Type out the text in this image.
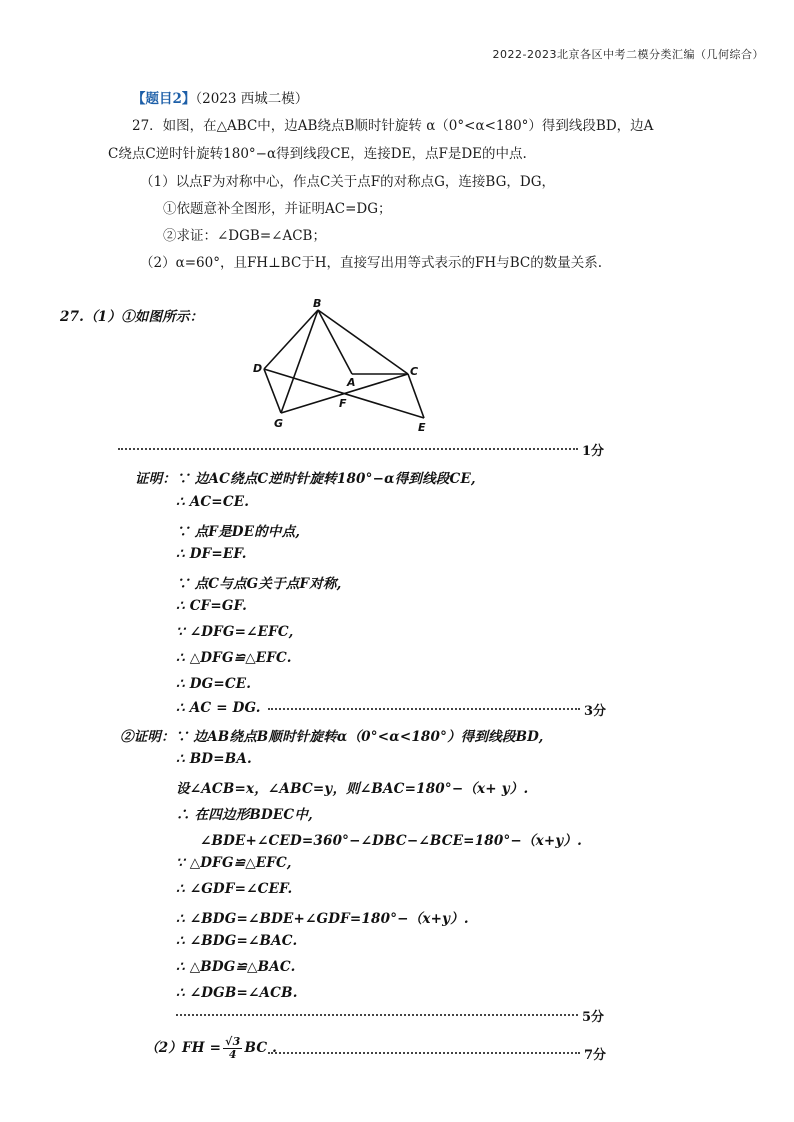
2022-2023北京各区中考二模分类汇编（几何综合）
【题目2】（2023 西城二模）
27．如图，在△ABC中，边AB绕点B顺时针旋转 α（0°<α<180°）得到线段BD，边A
C绕点C逆时针旋转180°−α得到线段CE，连接DE，点F是DE的中点.
（1）以点F为对称中心，作点C关于点F的对称点G，连接BG，DG，
①依题意补全图形，并证明AC=DG；
②求证：∠DGB=∠ACB；
（2）α=60°，且FH⊥BC于H，直接写出用等式表示的FH与BC的数量关系.
27.（1）①如图所示：
B
D
A
C
F
G	E
1分
证明：∵ 边AC绕点C逆时针旋转180°−α得到线段CE,
∴ AC=CE.
∵ 点F是DE的中点,
∴ DF=EF.
∵ 点C与点G关于点F对称,
∴ CF=GF.
∵ ∠DFG=∠EFC,
∴ △DFG≌△EFC.
∴ DG=CE.
∴ AC = DG.	3分
②证明：∵ 边AB绕点B顺时针旋转α（0°<α<180°）得到线段BD,
∴ BD=BA.
设∠ACB=x，∠ABC=y，则∠BAC=180°−（x+ y）.
∴ 在四边形BDEC中,
∠BDE+∠CED=360°−∠DBC−∠BCE=180°−（x+y）.
∵ △DFG≌△EFC,
∴ ∠GDF=∠CEF.
∴ ∠BDG=∠BDE+∠GDF=180°−（x+y）.
∴ ∠BDG=∠BAC.
∴ △BDG≌△BAC.
∴ ∠DGB=∠ACB.
5分
$(2)FH = \frac{√3}{4}$ BC .	7分
